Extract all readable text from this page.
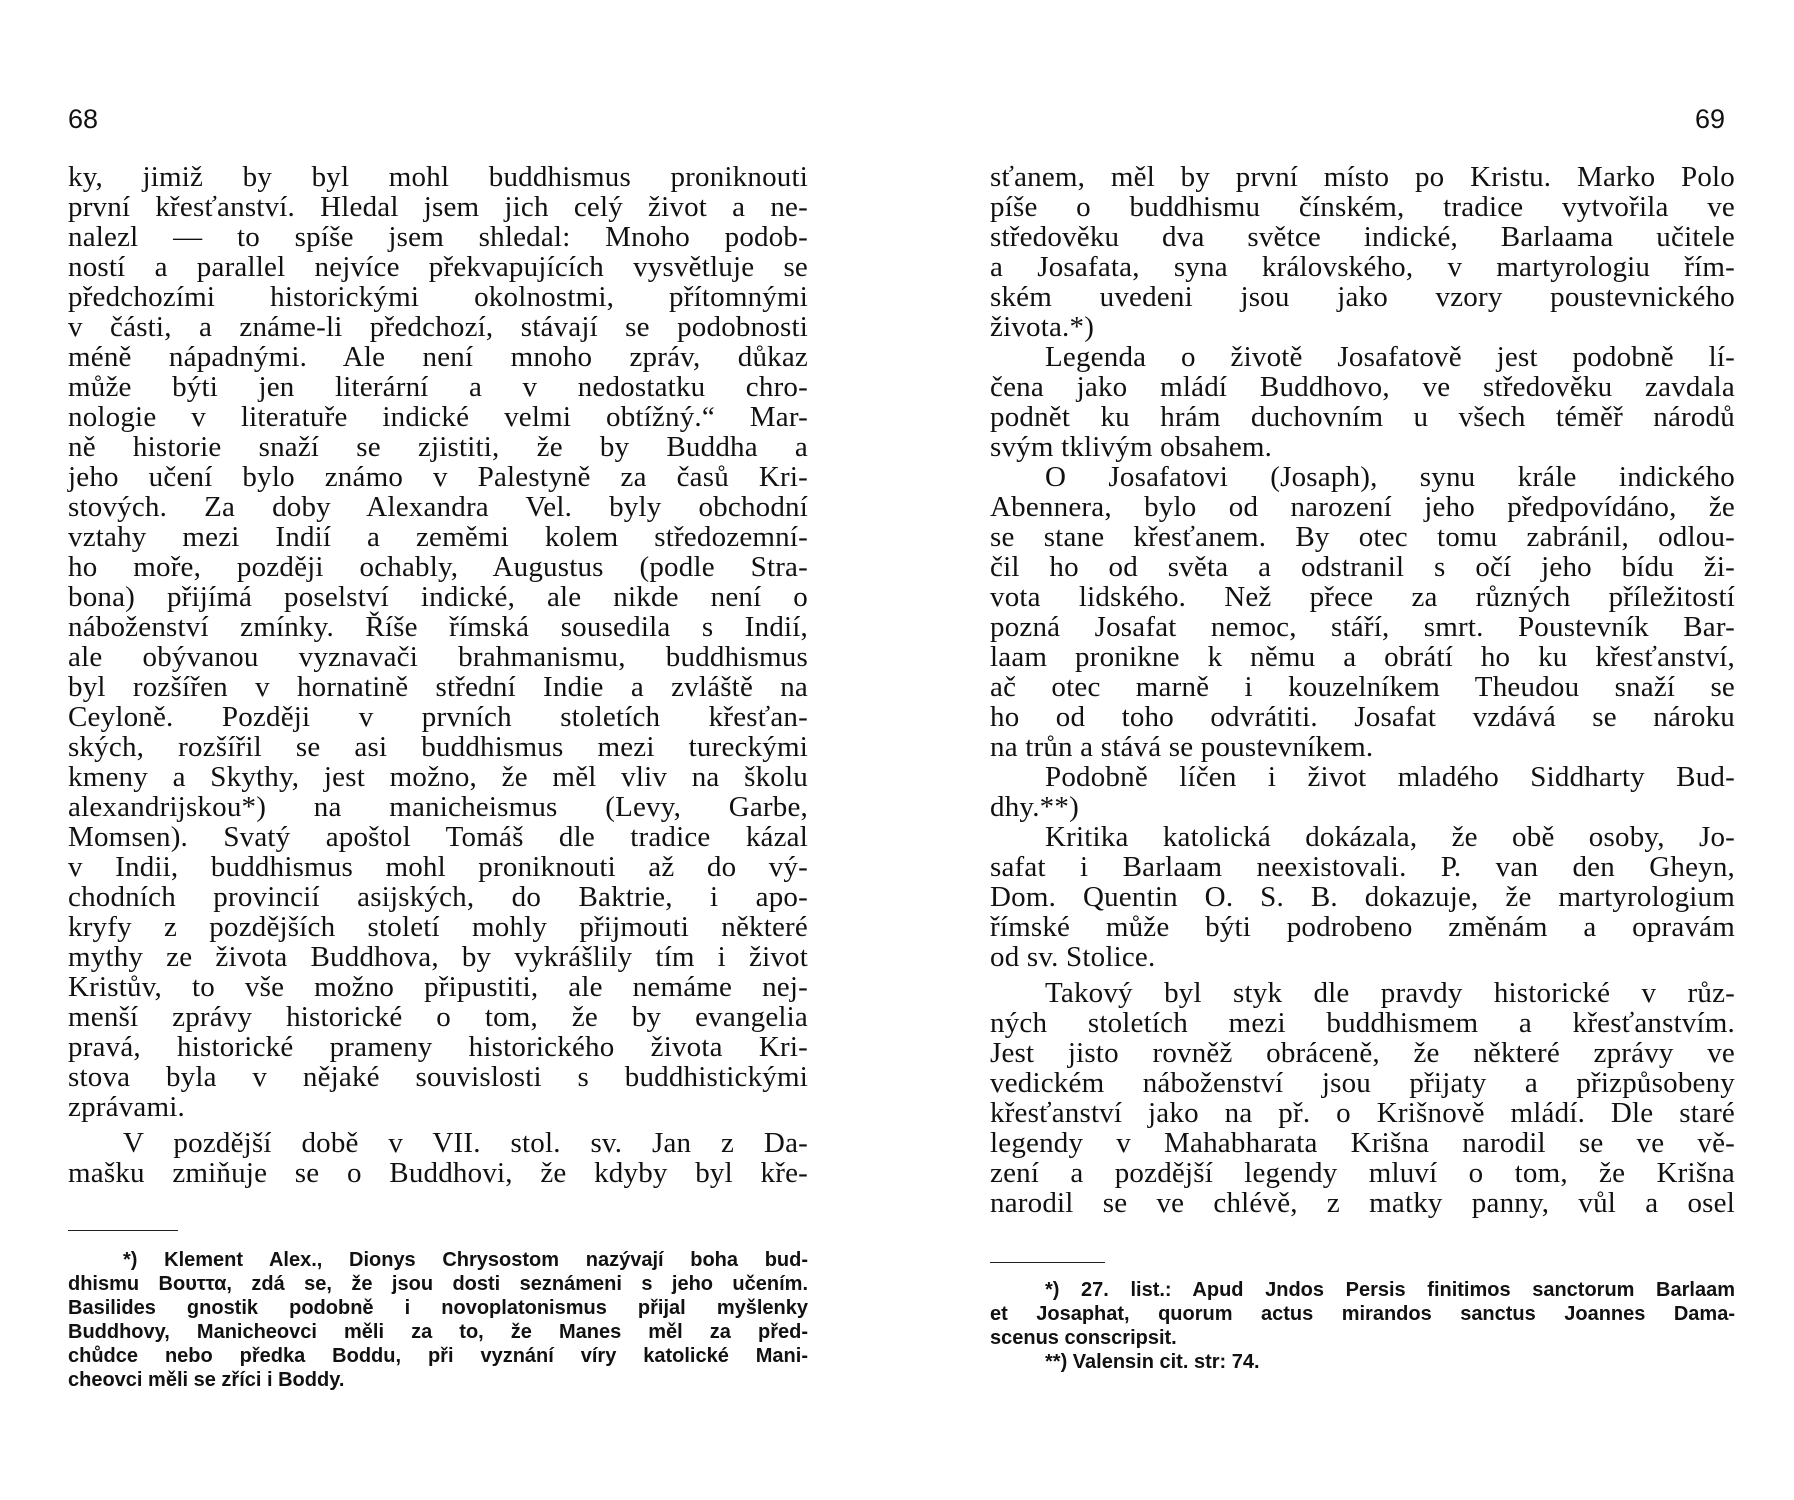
68
ky, jimiž by byl mohl buddhismus proniknouti
první křesťanství. Hledal jsem jich celý život a ne-
nalezl — to spíše jsem shledal: Mnoho podob-
ností a parallel nejvíce překvapujících vysvětluje se
předchozími historickými okolnostmi, přítomnými
v části, a známe-li předchozí, stávají se podobnosti
méně nápadnými. Ale není mnoho zpráv, důkaz
může býti jen literární a v nedostatku chro-
nologie v literatuře indické velmi obtížný.“ Mar-
ně historie snaží se zjistiti, že by Buddha a
jeho učení bylo známo v Palestyně za časů Kri-
stových. Za doby Alexandra Vel. byly obchodní
vztahy mezi Indií a zeměmi kolem středozemní-
ho moře, později ochably, Augustus (podle Stra-
bona) přijímá poselství indické, ale nikde není o
náboženství zmínky. Říše římská sousedila s Indií,
ale obývanou vyznavači brahmanismu, buddhismus
byl rozšířen v hornatině střední Indie a zvláště na
Ceyloně. Později v prvních stoletích křesťan-
ských, rozšířil se asi buddhismus mezi tureckými
kmeny a Skythy, jest možno, že měl vliv na školu
alexandrijskou*) na manicheismus (Levy, Garbe,
Momsen). Svatý apoštol Tomáš dle tradice kázal
v Indii, buddhismus mohl proniknouti až do vý-
chodních provincií asijských, do Baktrie, i apo-
kryfy z pozdějších století mohly přijmouti některé
mythy ze života Buddhova, by vykrášlily tím i život
Kristův, to vše možno připustiti, ale nemáme nej-
menší zprávy historické o tom, že by evangelia
pravá, historické prameny historického života Kri-
stova byla v nějaké souvislosti s buddhistickými
zprávami.
V pozdější době v VII. stol. sv. Jan z Da-
mašku zmiňuje se o Buddhovi, že kdyby byl kře-
*) Klement Alex., Dionys Chrysostom nazývají boha bud-
dhismu Βουττα, zdá se, že jsou dosti seznámeni s jeho učením.
Basilides gnostik podobně i novoplatonismus přijal myšlenky
Buddhovy, Manicheovci měli za to, že Manes měl za před-
chůdce nebo předka Boddu, při vyznání víry katolické Mani-
cheovci měli se zříci i Boddy.
69
sťanem, měl by první místo po Kristu. Marko Polo
píše o buddhismu čínském, tradice vytvořila ve
středověku dva světce indické, Barlaama učitele
a Josafata, syna královského, v martyrologiu řím-
ském uvedeni jsou jako vzory poustevnického
života.*)
Legenda o životě Josafatově jest podobně lí-
čena jako mládí Buddhovo, ve středověku zavdala
podnět ku hrám duchovním u všech téměř národů
svým tklivým obsahem.
O Josafatovi (Josaph), synu krále indického
Abennera, bylo od narození jeho předpovídáno, že
se stane křesťanem. By otec tomu zabránil, odlou-
čil ho od světa a odstranil s očí jeho bídu ži-
vota lidského. Než přece za různých příležitostí
pozná Josafat nemoc, stáří, smrt. Poustevník Bar-
laam pronikne k němu a obrátí ho ku křesťanství,
ač otec marně i kouzelníkem Theudou snaží se
ho od toho odvrátiti. Josafat vzdává se nároku
na trůn a stává se poustevníkem.
Podobně líčen i život mladého Siddharty Bud-
dhy.**)
Kritika katolická dokázala, že obě osoby, Jo-
safat i Barlaam neexistovali. P. van den Gheyn,
Dom. Quentin O. S. B. dokazuje, že martyrologium
římské může býti podrobeno změnám a opravám
od sv. Stolice.
Takový byl styk dle pravdy historické v růz-
ných stoletích mezi buddhismem a křesťanstvím.
Jest jisto rovněž obráceně, že některé zprávy ve
vedickém náboženství jsou přijaty a přizpůsobeny
křesťanství jako na př. o Krišnově mládí. Dle staré
legendy v Mahabharata Krišna narodil se ve vě-
zení a pozdější legendy mluví o tom, že Krišna
narodil se ve chlévě, z matky panny, vůl a osel
*) 27. list.: Apud Jndos Persis finitimos sanctorum Barlaam
et Josaphat, quorum actus mirandos sanctus Joannes Dama-
scenus conscripsit.
**) Valensin cit. str: 74.
